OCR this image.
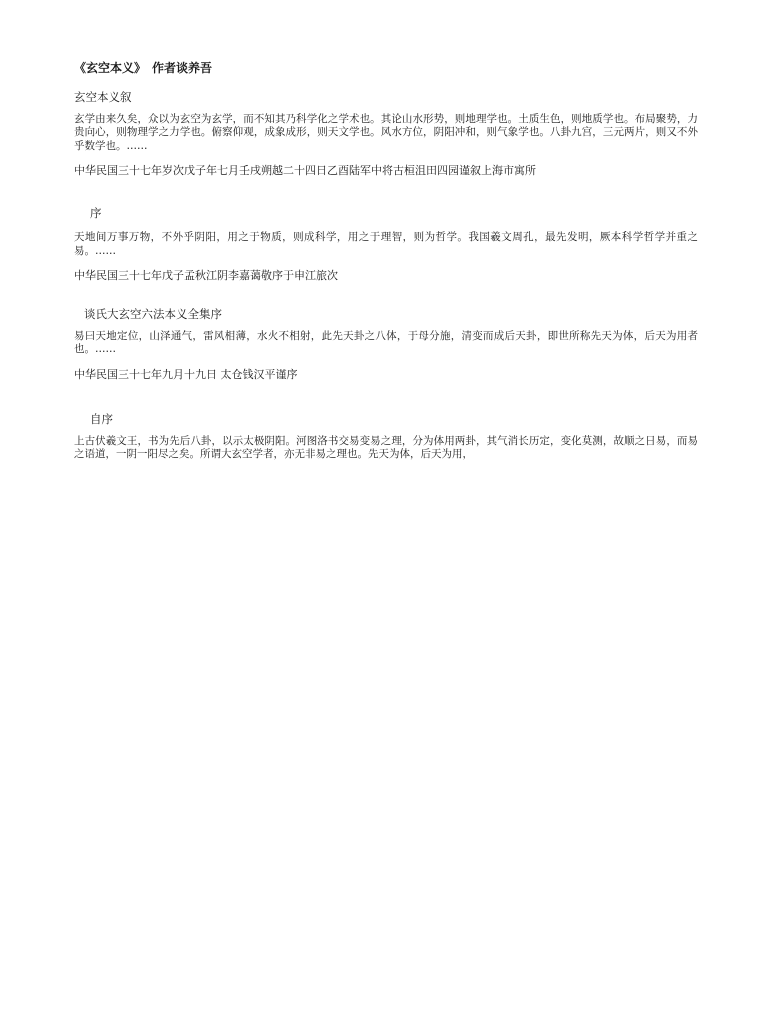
《玄空本义》 作者谈养吾
玄空本义叙

玄学由来久矣，众以为玄空为玄学，而不知其乃科学化之学术也。其论山水形势，则地理学也。土质生色，则地质学也。布局聚势，力贵向心，则物理学之力学也。俯察仰观，成象成形，则天文学也。风水方位，阴阳冲和，则气象学也。八卦九宫，三元两片，则又不外乎数学也。……

中华民国三十七年岁次戊子年七月壬戌朔越二十四日乙酉陆军中将古桓沮田四园谨叙上海市寓所
序

天地间万事万物，不外乎阴阳，用之于物质，则成科学，用之于理智，则为哲学。我国羲文周孔，最先发明，厥本科学哲学并重之易。……

中华民国三十七年戊子孟秋江阴李嘉蔼敬序于申江旅次
谈氏大玄空六法本义全集序

易曰天地定位，山泽通气，雷风相薄，水火不相射，此先天卦之八体，于母分施，清变而成后天卦，即世所称先天为体，后天为用者也。……

中华民国三十七年九月十九日 太仓钱汉平谨序
自序

上古伏羲文王，书为先后八卦，以示太极阴阳。河图洛书交易变易之理，分为体用两卦，其气消长历定，变化莫测，故顺之日易，而易之语道，一阴一阳尽之矣。所谓大玄空学者，亦无非易之理也。先天为体，后天为用，
